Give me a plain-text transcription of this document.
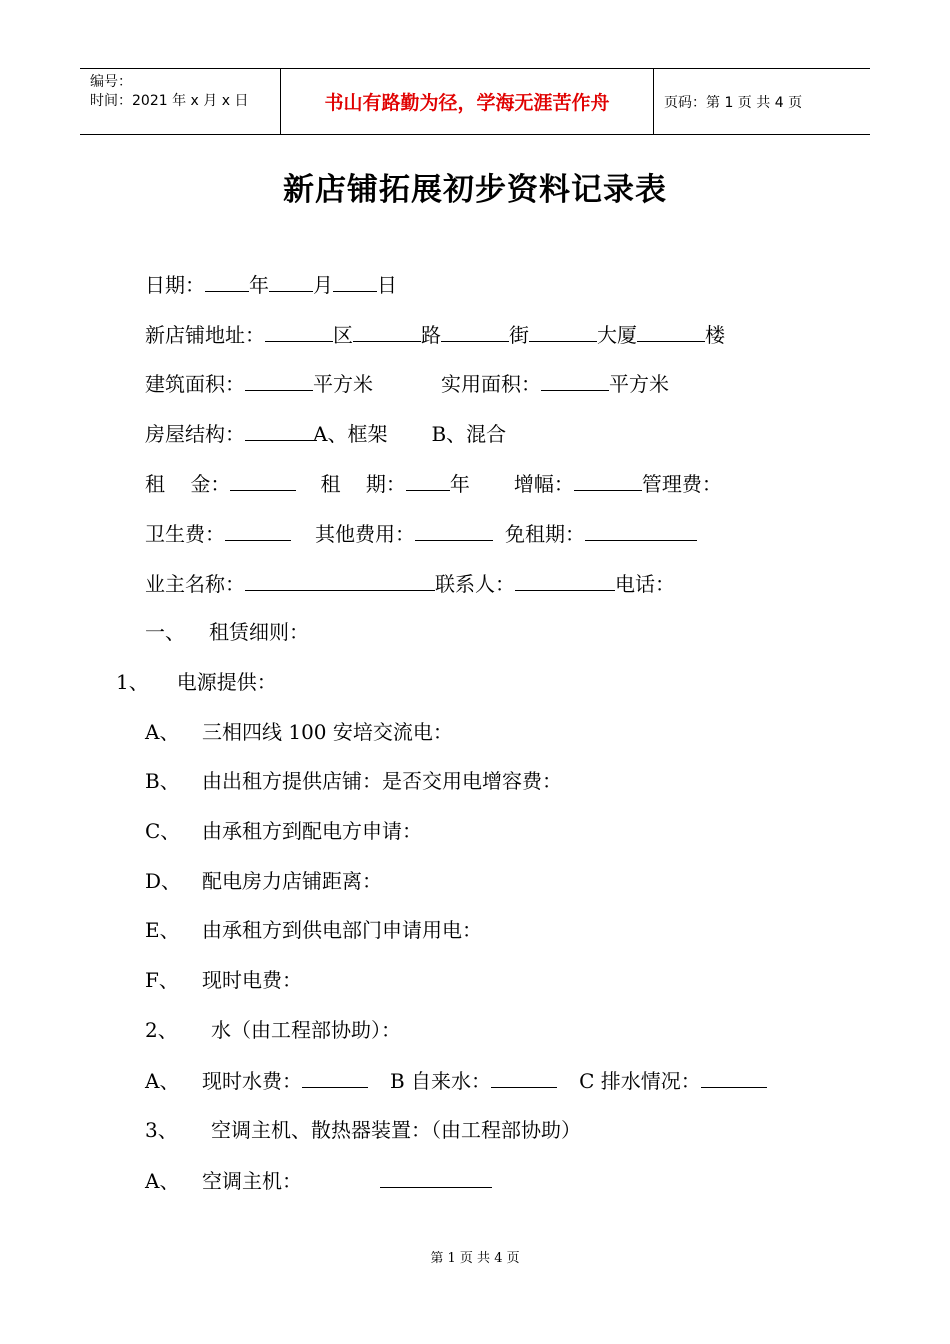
编号：
时间：2021 年 x 月 x 日	书山有路勤为径，学海无涯苦作舟	页码：第 1 页 共 4 页
新店铺拓展初步资料记录表
日期： 年 月 日
新店铺地址：	区	路	街	大厦	楼
建筑面积：	平方米	实用面积：	平方米
房屋结构：	A、框架 B、混合
租    金：	租    期： 年 增幅：	管理费：
卫生费：	其他费用：	免租期：
业主名称：	联系人：	电话：
一、 租赁细则：
1、 电源提供：
A、 三相四线 100 安培交流电：
B、 由出租方提供店铺：是否交用电增容费：
C、 由承租方到配电方申请：
D、 配电房力店铺距离：
E、 由承租方到供电部门申请用电：
F、 现时电费：
2、 水（由工程部协助）：
A、 现时水费：	B 自来水：	C 排水情况：
3、 空调主机、散热器装置：（由工程部协助）
A、 空调主机：
第 1 页 共 4 页
